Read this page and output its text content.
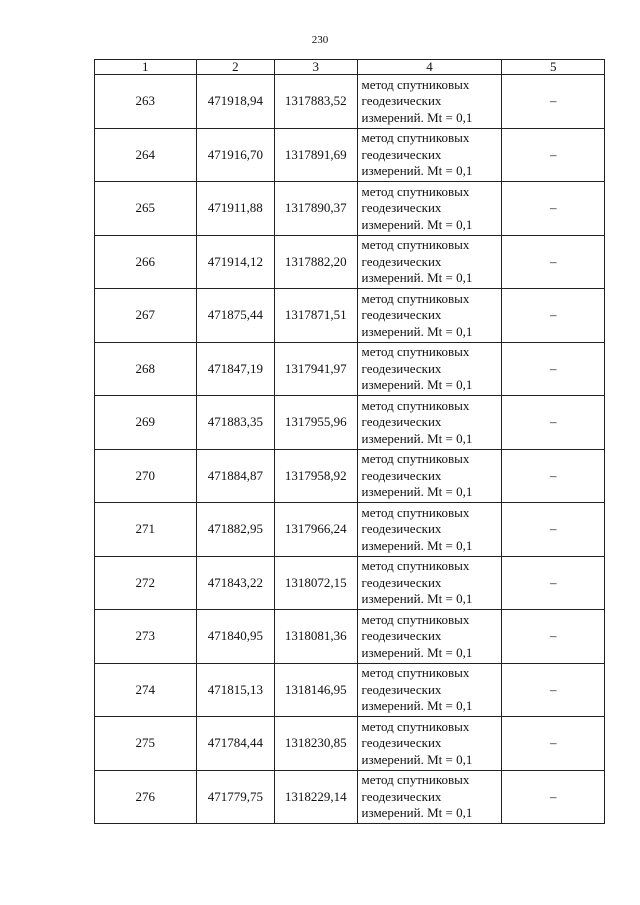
230
1	2	3	4	5
263	471918,94	1317883,52	метод спутниковых
геодезических
измерений. Mt = 0,1	–
264	471916,70	1317891,69	метод спутниковых
геодезических
измерений. Mt = 0,1	–
265	471911,88	1317890,37	метод спутниковых
геодезических
измерений. Mt = 0,1	–
266	471914,12	1317882,20	метод спутниковых
геодезических
измерений. Mt = 0,1	–
267	471875,44	1317871,51	метод спутниковых
геодезических
измерений. Mt = 0,1	–
268	471847,19	1317941,97	метод спутниковых
геодезических
измерений. Mt = 0,1	–
269	471883,35	1317955,96	метод спутниковых
геодезических
измерений. Mt = 0,1	–
270	471884,87	1317958,92	метод спутниковых
геодезических
измерений. Mt = 0,1	–
271	471882,95	1317966,24	метод спутниковых
геодезических
измерений. Mt = 0,1	–
272	471843,22	1318072,15	метод спутниковых
геодезических
измерений. Mt = 0,1	–
273	471840,95	1318081,36	метод спутниковых
геодезических
измерений. Mt = 0,1	–
274	471815,13	1318146,95	метод спутниковых
геодезических
измерений. Mt = 0,1	–
275	471784,44	1318230,85	метод спутниковых
геодезических
измерений. Mt = 0,1	–
276	471779,75	1318229,14	метод спутниковых
геодезических
измерений. Mt = 0,1	–
